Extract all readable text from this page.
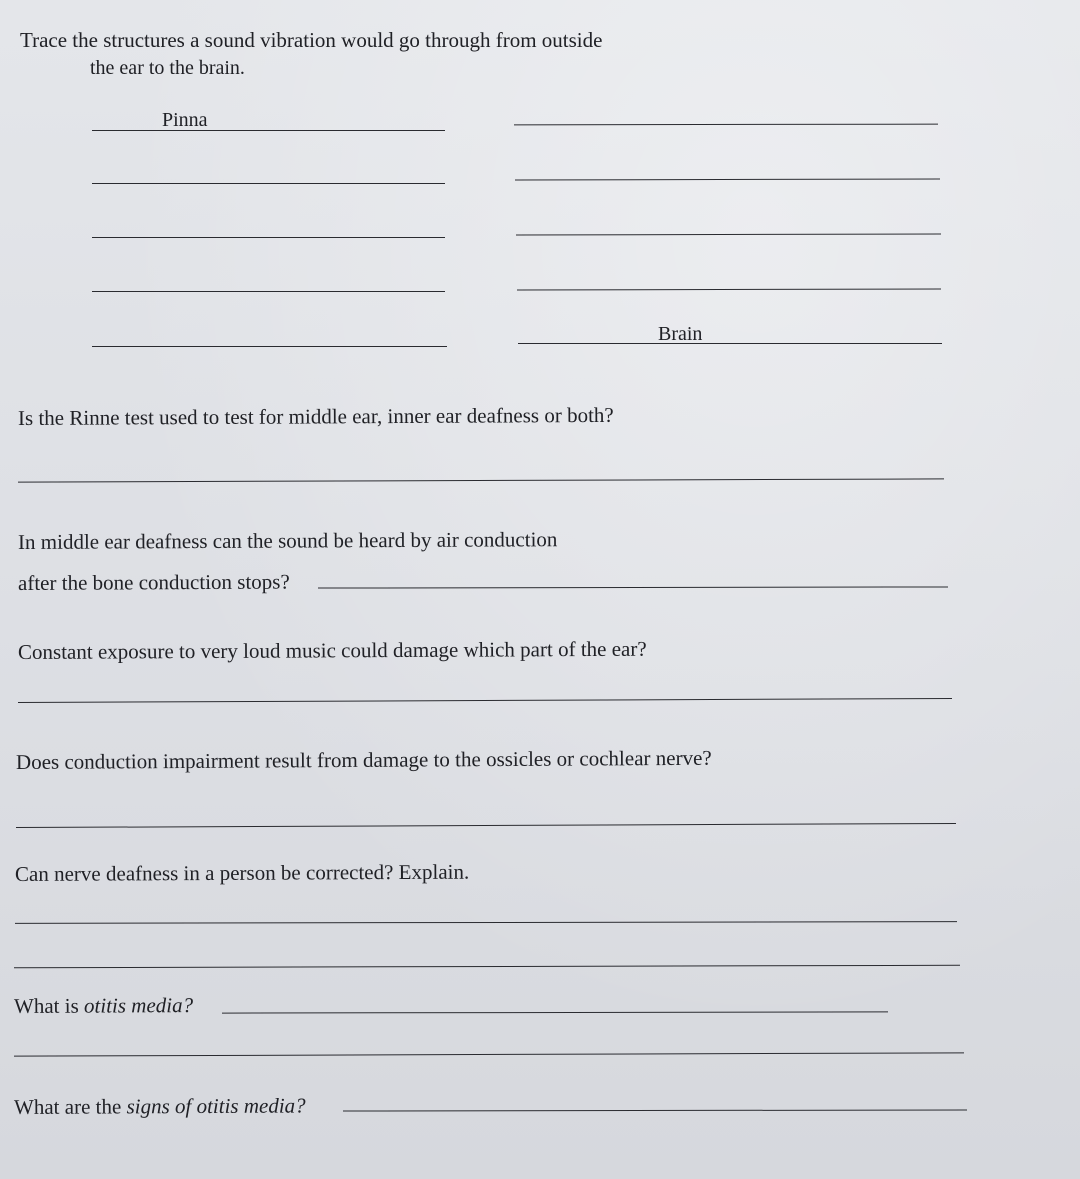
Trace the structures a sound vibration would go through from outside
the ear to the brain.
Pinna
Brain
Is the Rinne test used to test for middle ear, inner ear deafness or both?
In middle ear deafness can the sound be heard by air conduction
after the bone conduction stops?
Constant exposure to very loud music could damage which part of the ear?
Does conduction impairment result from damage to the ossicles or cochlear nerve?
Can nerve deafness in a person be corrected? Explain.
What is otitis media?
What are the signs of otitis media?
